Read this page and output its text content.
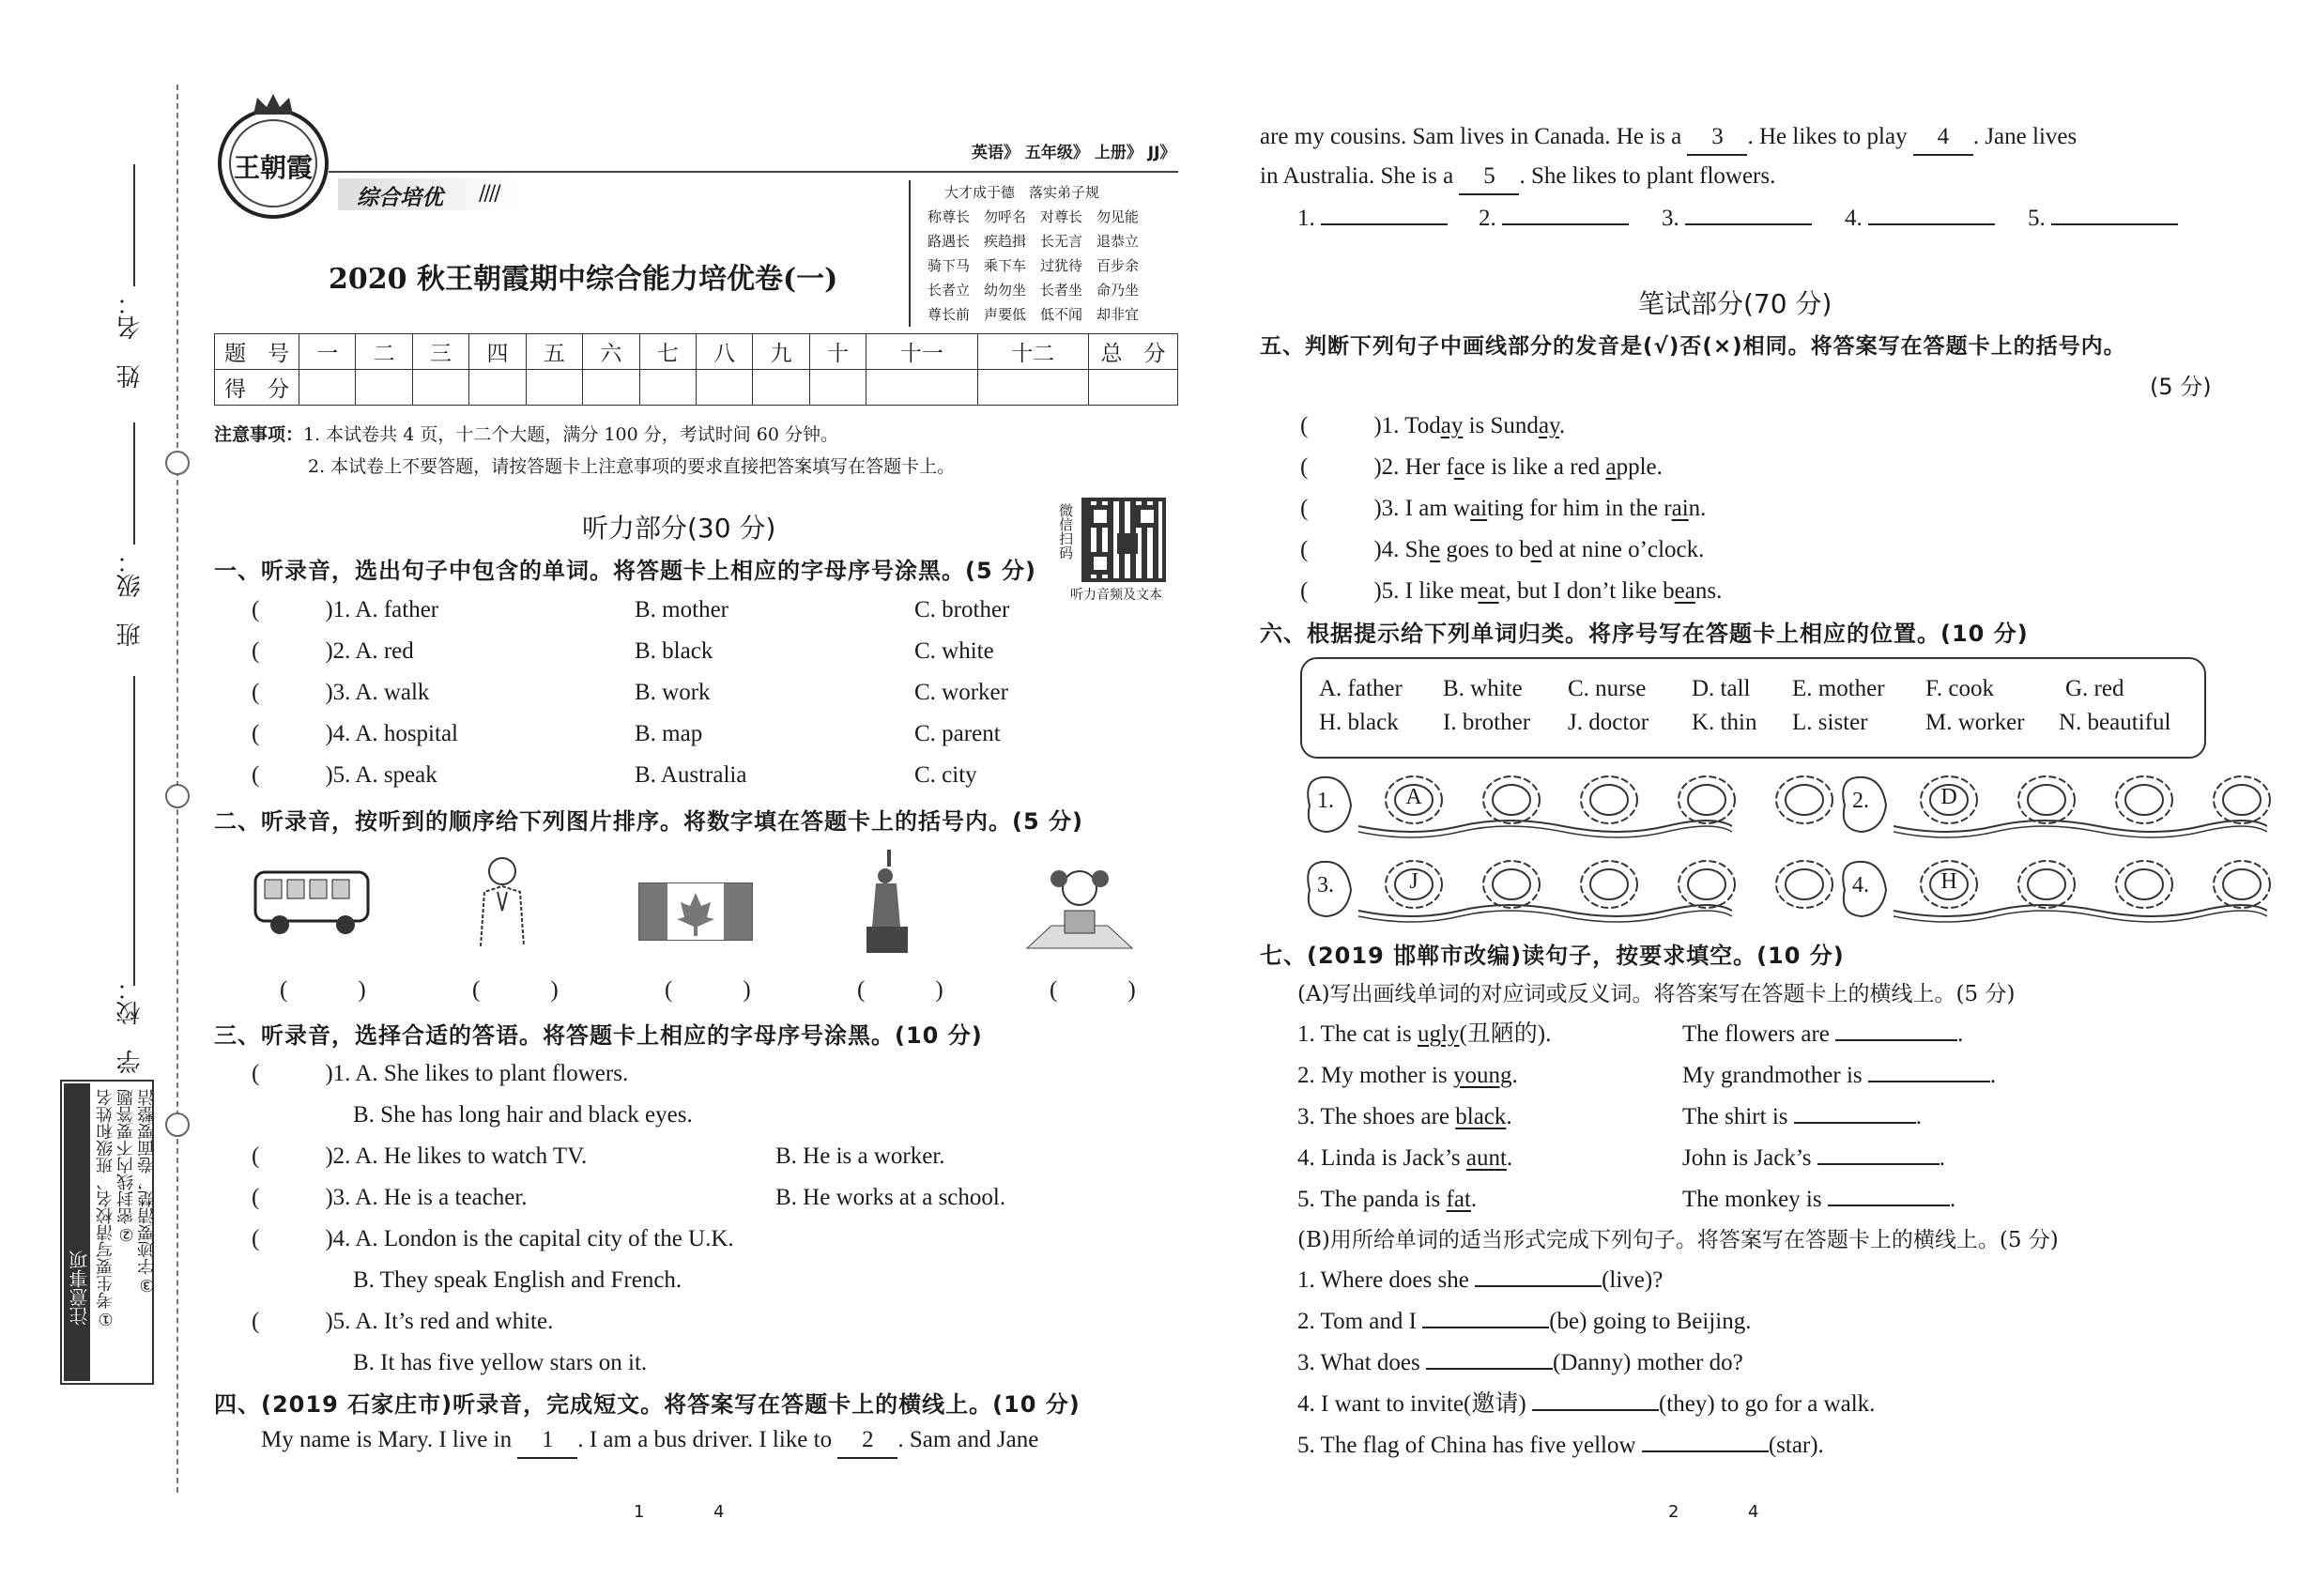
姓　名：
班　级：
学　校：
注意事项 ①考生要写清校名、班级和姓名 ②密封线内不要答题 ③字迹要清楚，卷面要整洁
王朝霞
综合培优 ////
英语》 五年级》 上册》 JJ》
2020 秋王朝霞期中综合能力培优卷(一)
大才成于德　落实弟子规
称尊长　勿呼名　对尊长　勿见能
路遇长　疾趋揖　长无言　退恭立
骑下马　乘下车　过犹待　百步余
长者立　幼勿坐　长者坐　命乃坐
尊长前　声要低　低不闻　却非宜
题　号	一	二	三	四	五	六	七	八	九	十	十一	十二	总　分
得　分													
注意事项：1. 本试卷共 4 页，十二个大题，满分 100 分，考试时间 60 分钟。
2. 本试卷上不要答题，请按答题卡上注意事项的要求直接把答案填写在答题卡上。
微信扫码
听力音频及文本
听力部分(30 分)
一、听录音，选出句子中包含的单词。将答题卡上相应的字母序号涂黑。(5 分)
(	)1. A. father	B. mother	C. brother
(	)2. A. red	B. black	C. white
(	)3. A. walk	B. work	C. worker
(	)4. A. hospital	B. map	C. parent
(	)5. A. speak	B. Australia	C. city
二、听录音，按听到的顺序给下列图片排序。将数字填在答题卡上的括号内。(5 分)
(　　　)	(　　　)	(　　　)	(　　　)	(　　　)
三、听录音，选择合适的答语。将答题卡上相应的字母序号涂黑。(10 分)
(	)1. A. She likes to plant flowers.
B. She has long hair and black eyes.
(	)2. A. He likes to watch TV.	B. He is a worker.
(	)3. A. He is a teacher.	B. He works at a school.
(	)4. A. London is the capital city of the U.K.
B. They speak English and French.
(	)5. A. It’s red and white.
B. It has five yellow stars on it.
四、(2019 石家庄市)听录音，完成短文。将答案写在答题卡上的横线上。(10 分)
My name is Mary. I live in 1 . I am a bus driver. I like to 2 . Sam and Jane
1	4
are my cousins. Sam lives in Canada. He is a 3 . He likes to play 4 . Jane lives
in Australia. She is a 5 . She likes to plant flowers.
1.	2.	3.	4.	5.
笔试部分(70 分)
五、判断下列句子中画线部分的发音是(√)否(×)相同。将答案写在答题卡上的括号内。
(5 分)
(	)1. Today is Sunday.
(	)2. Her face is like a red apple.
(	)3. I am waiting for him in the rain.
(	)4. She goes to bed at nine o’clock.
(	)5. I like meat, but I don’t like beans.
六、根据提示给下列单词归类。将序号写在答题卡上相应的位置。(10 分)
A. father B. white C. nurse D. tall E. mother F. cook	G. red
H. black I. brother J. doctor K. thin L. sister M. worker N. beautiful
1.	A	2.	D
3.	J	4.	H
七、(2019 邯郸市改编)读句子，按要求填空。(10 分)
(A)写出画线单词的对应词或反义词。将答案写在答题卡上的横线上。(5 分)
1. The cat is ugly(丑陋的).	The flowers are	.
2. My mother is young.	My grandmother is	.
3. The shoes are black.	The shirt is	.
4. Linda is Jack’s aunt.	John is Jack’s	.
5. The panda is fat.	The monkey is	.
(B)用所给单词的适当形式完成下列句子。将答案写在答题卡上的横线上。(5 分)
1. Where does she	(live)?
2. Tom and I	(be) going to Beijing.
3. What does	(Danny) mother do?
4. I want to invite(邀请)	(they) to go for a walk.
5. The flag of China has five yellow	(star).
2	4
